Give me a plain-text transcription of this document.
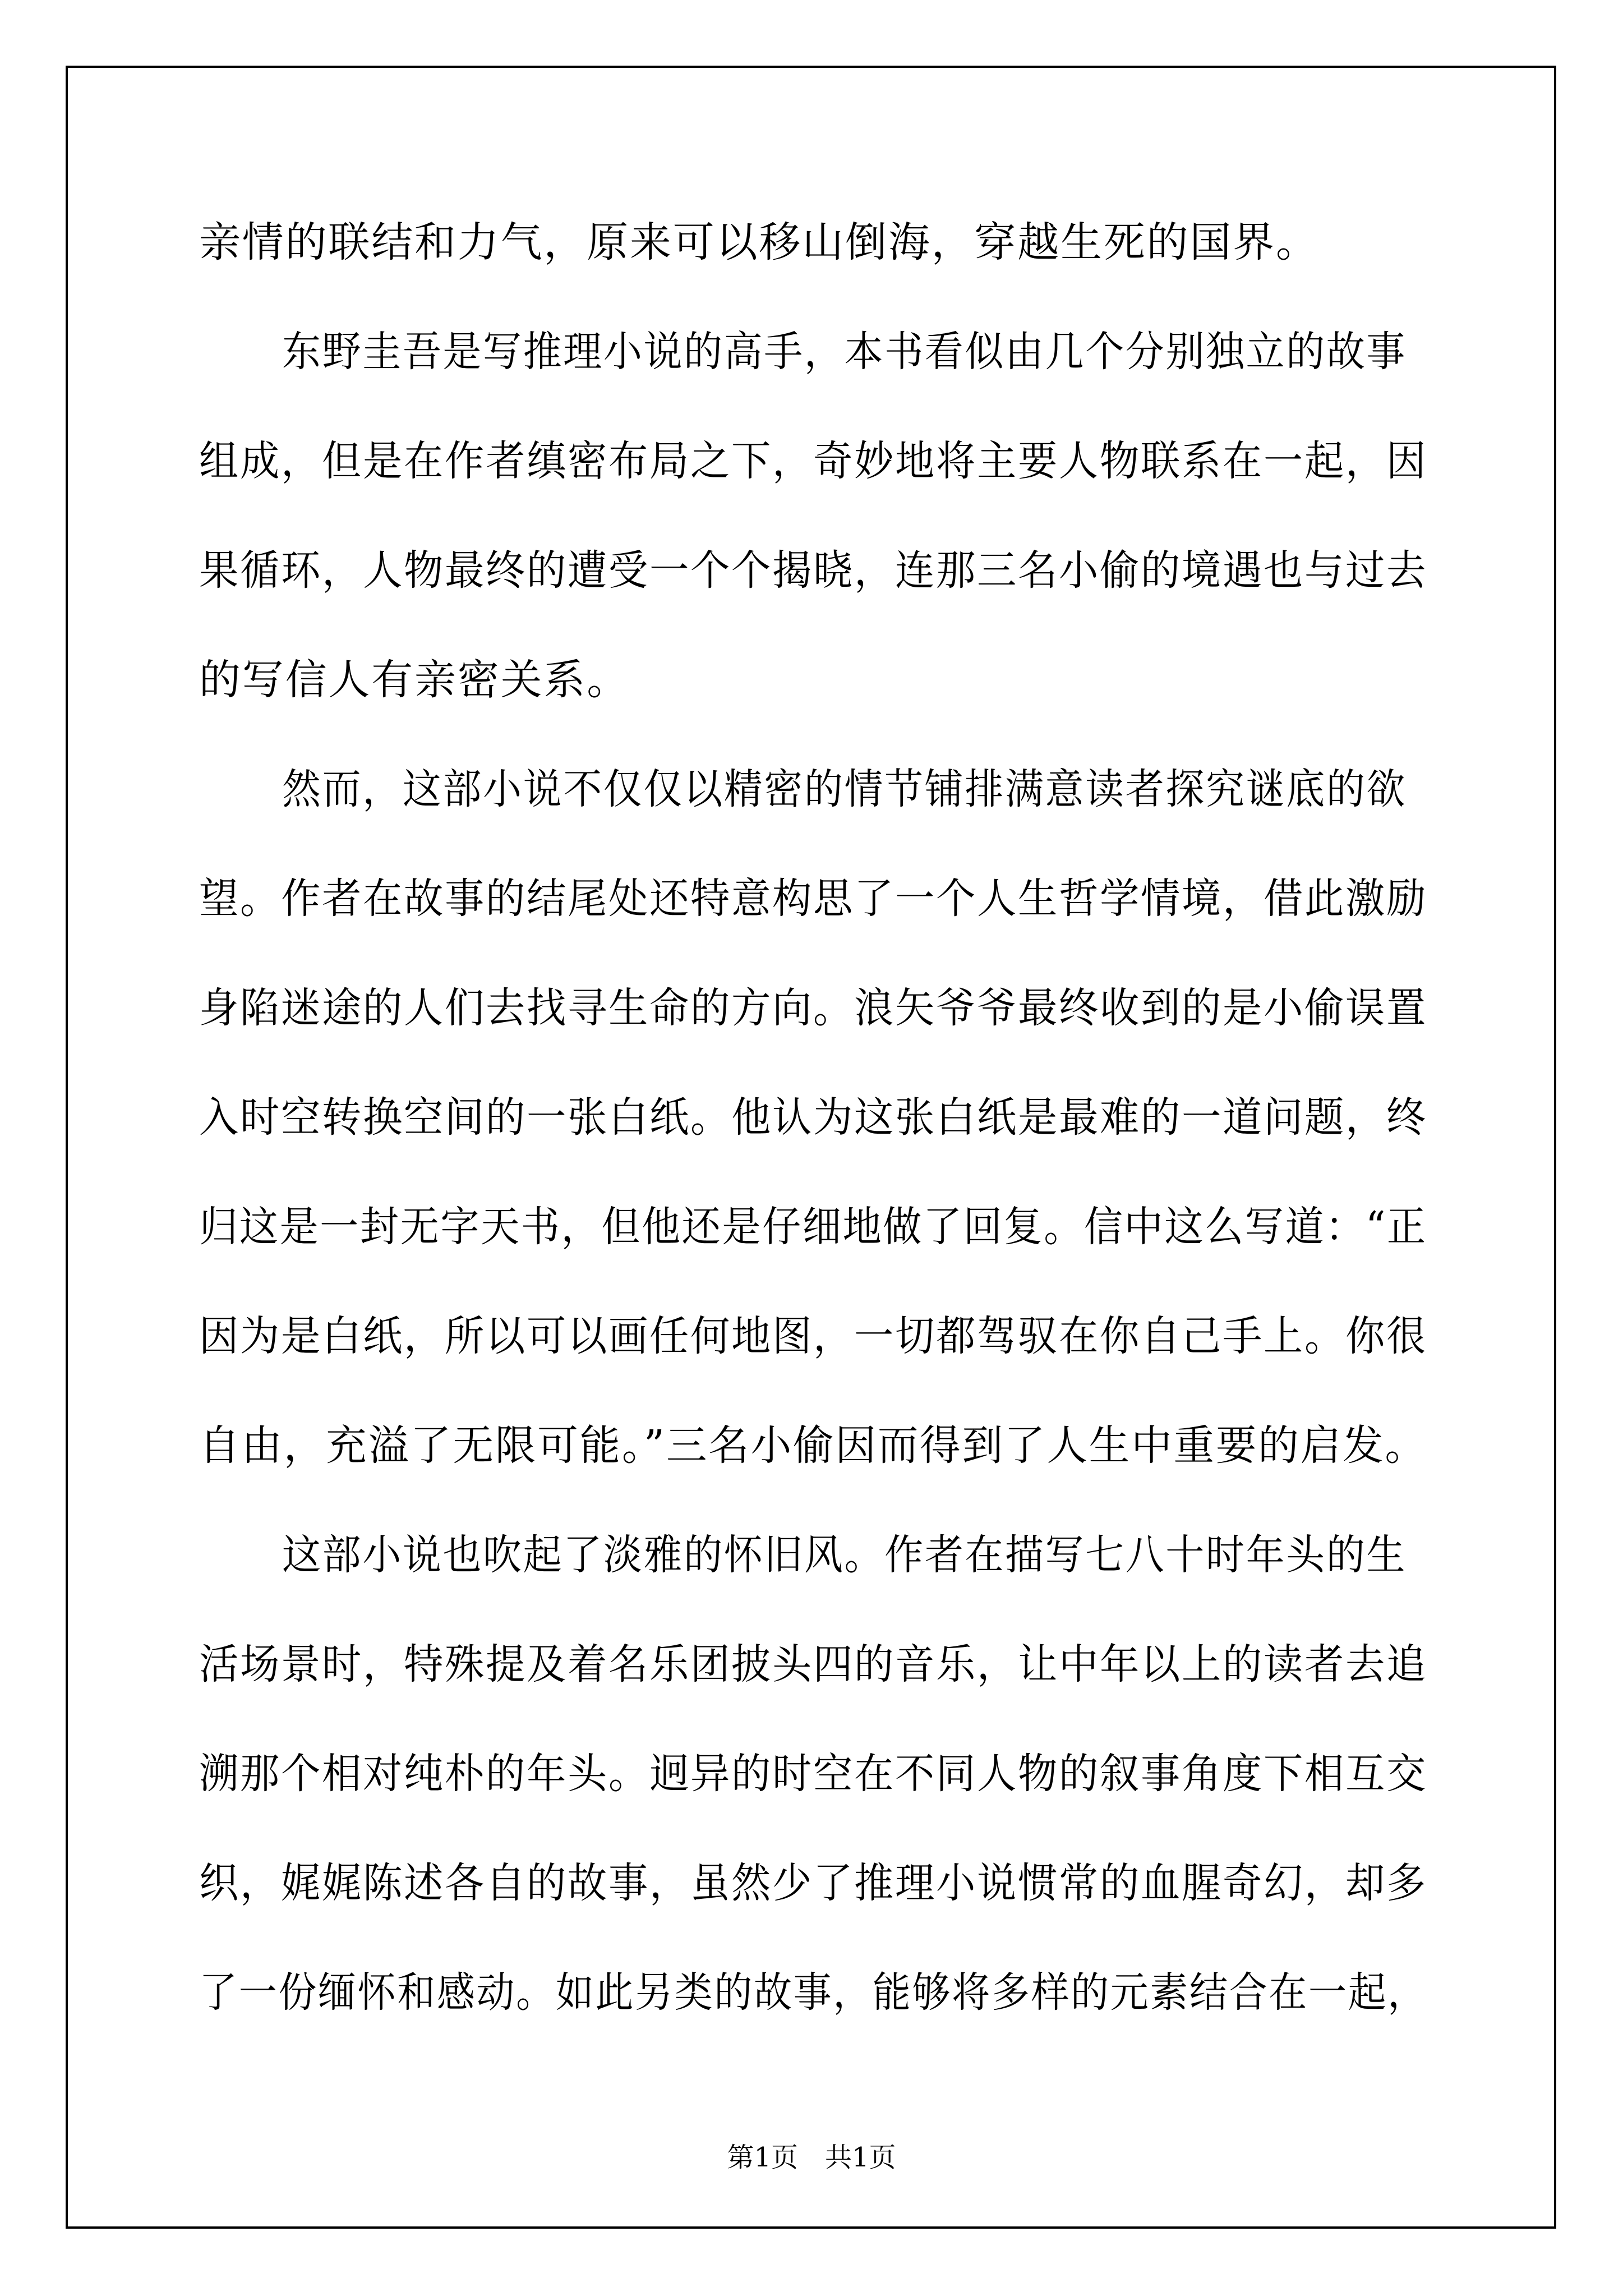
亲情的联结和力气，原来可以移山倒海，穿越生死的国界。
东野圭吾是写推理小说的高手，本书看似由几个分别独立的故事
组成，但是在作者缜密布局之下，奇妙地将主要人物联系在一起，因
果循环，人物最终的遭受一个个揭晓，连那三名小偷的境遇也与过去
的写信人有亲密关系。
然而，这部小说不仅仅以精密的情节铺排满意读者探究谜底的欲
望。作者在故事的结尾处还特意构思了一个人生哲学情境，借此激励
身陷迷途的人们去找寻生命的方向。浪矢爷爷最终收到的是小偷误置
入时空转换空间的一张白纸。他认为这张白纸是最难的一道问题，终
归这是一封无字天书，但他还是仔细地做了回复。信中这么写道：“正
因为是白纸，所以可以画任何地图，一切都驾驭在你自己手上。你很
自由，充溢了无限可能。”三名小偷因而得到了人生中重要的启发。
这部小说也吹起了淡雅的怀旧风。作者在描写七八十时年头的生
活场景时，特殊提及着名乐团披头四的音乐，让中年以上的读者去追
溯那个相对纯朴的年头。迥异的时空在不同人物的叙事角度下相互交
织，娓娓陈述各自的故事，虽然少了推理小说惯常的血腥奇幻，却多
了一份缅怀和感动。如此另类的故事，能够将多样的元素结合在一起，
第1页　共1页
